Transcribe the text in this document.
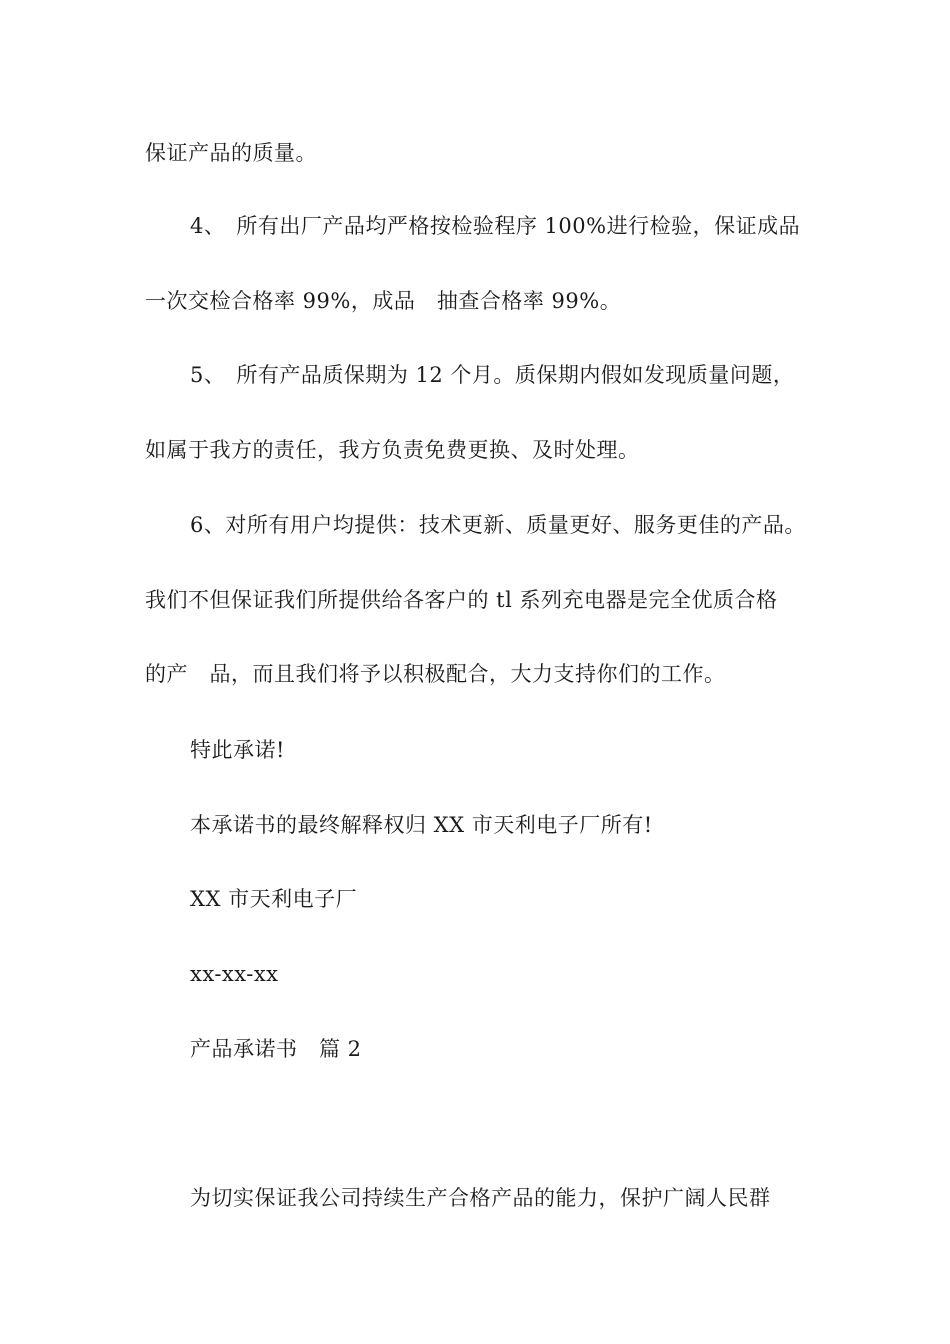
保证产品的质量。
4、　所有出厂产品均严格按检验程序 100%进行检验，保证成品
一次交检合格率 99%，成品　抽查合格率 99%。
5、　所有产品质保期为 12 个月。质保期内假如发现质量问题，
如属于我方的责任，我方负责免费更换、及时处理。
6、对所有用户均提供：技术更新、质量更好、服务更佳的产品。
我们不但保证我们所提供给各客户的 tl 系列充电器是完全优质合格
的产　品，而且我们将予以积极配合，大力支持你们的工作。
特此承诺!
本承诺书的最终解释权归 XX 市天利电子厂所有!
XX 市天利电子厂
xx-xx-xx
产品承诺书　篇 2
为切实保证我公司持续生产合格产品的能力，保护广阔人民群
